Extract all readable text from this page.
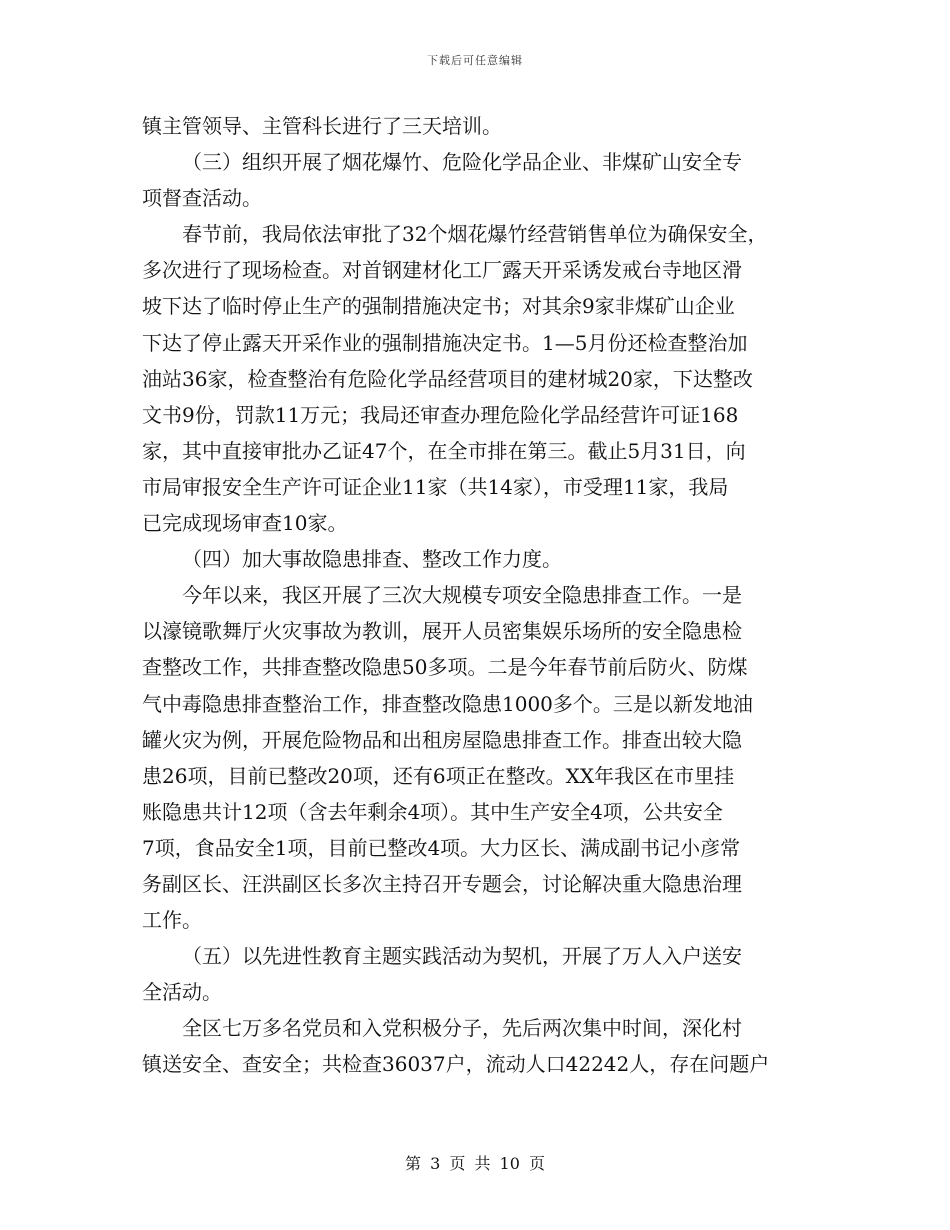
下载后可任意编辑
镇主管领导、主管科长进行了三天培训。
（三）组织开展了烟花爆竹、危险化学品企业、非煤矿山安全专
项督查活动。
春节前，我局依法审批了32个烟花爆竹经营销售单位为确保安全，
多次进行了现场检查。对首钢建材化工厂露天开采诱发戒台寺地区滑
坡下达了临时停止生产的强制措施决定书；对其余9家非煤矿山企业
下达了停止露天开采作业的强制措施决定书。1—5月份还检查整治加
油站36家，检查整治有危险化学品经营项目的建材城20家，下达整改
文书9份，罚款11万元；我局还审查办理危险化学品经营许可证168
家，其中直接审批办乙证47个，在全市排在第三。截止5月31日，向
市局审报安全生产许可证企业11家（共14家），市受理11家，我局
已完成现场审查10家。
（四）加大事故隐患排查、整改工作力度。
今年以来，我区开展了三次大规模专项安全隐患排查工作。一是
以濠镜歌舞厅火灾事故为教训，展开人员密集娱乐场所的安全隐患检
查整改工作，共排查整改隐患50多项。二是今年春节前后防火、防煤
气中毒隐患排查整治工作，排查整改隐患1000多个。三是以新发地油
罐火灾为例，开展危险物品和出租房屋隐患排查工作。排查出较大隐
患26项，目前已整改20项，还有6项正在整改。XX年我区在市里挂
账隐患共计12项（含去年剩余4项）。其中生产安全4项，公共安全
7项，食品安全1项，目前已整改4项。大力区长、满成副书记小彦常
务副区长、汪洪副区长多次主持召开专题会，讨论解决重大隐患治理
工作。
（五）以先进性教育主题实践活动为契机，开展了万人入户送安
全活动。
全区七万多名党员和入党积极分子，先后两次集中时间，深化村
镇送安全、查安全；共检查36037户，流动人口42242人，存在问题户
第 3 页 共 10 页
